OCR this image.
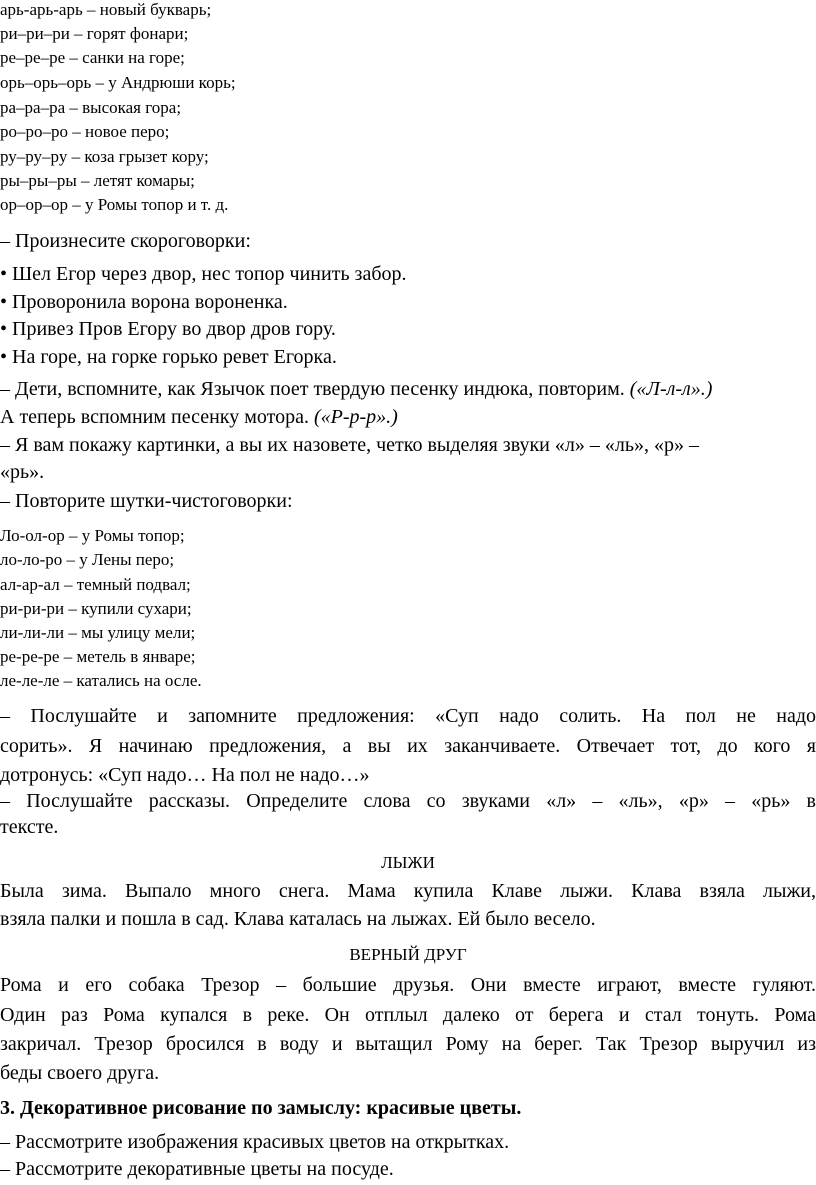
арь-арь-арь – новый букварь;
ри–ри–ри – горят фонари;
ре–ре–ре – санки на горе;
орь–орь–орь – у Андрюши корь;
ра–ра–ра – высокая гора;
ро–ро–ро – новое перо;
ру–ру–ру – коза грызет кору;
ры–ры–ры – летят комары;
ор–ор–ор – у Ромы топор и т. д.
– Произнесите скороговорки:
• Шел Егор через двор, нес топор чинить забор.
• Проворонила ворона вороненка.
• Привез Пров Егору во двор дров гору.
• На горе, на горке горько ревет Егорка.
– Дети, вспомните, как Язычок поет твердую песенку индюка, повторим. («Л-л-л».)
А теперь вспомним песенку мотора. («Р-р-р».)
– Я вам покажу картинки, а вы их назовете, четко выделяя звуки «л» – «ль», «р» –
«рь».
– Повторите шутки-чистоговорки:
Ло-ол-ор – у Ромы топор;
ло-ло-ро – у Лены перо;
ал-ар-ал – темный подвал;
ри-ри-ри – купили сухари;
ли-ли-ли – мы улицу мели;
ре-ре-ре – метель в январе;
ле-ле-ле – катались на осле.
– Послушайте и запомните предложения: «Суп надо солить. На пол не надо
сорить». Я начинаю предложения, а вы их заканчиваете. Отвечает тот, до кого я
дотронусь: «Суп надо… На пол не надо…»
– Послушайте рассказы. Определите слова со звуками «л» – «ль», «р» – «рь» в
тексте.
ЛЫЖИ
Была зима. Выпало много снега. Мама купила Клаве лыжи. Клава взяла лыжи,
взяла палки и пошла в сад. Клава каталась на лыжах. Ей было весело.
ВЕРНЫЙ ДРУГ
Рома и его собака Трезор – большие друзья. Они вместе играют, вместе гуляют.
Один раз Рома купался в реке. Он отплыл далеко от берега и стал тонуть. Рома
закричал. Трезор бросился в воду и вытащил Рому на берег. Так Трезор выручил из
беды своего друга.
3. Декоративное рисование по замыслу: красивые цветы.
– Рассмотрите изображения красивых цветов на открытках.
– Рассмотрите декоративные цветы на посуде.
